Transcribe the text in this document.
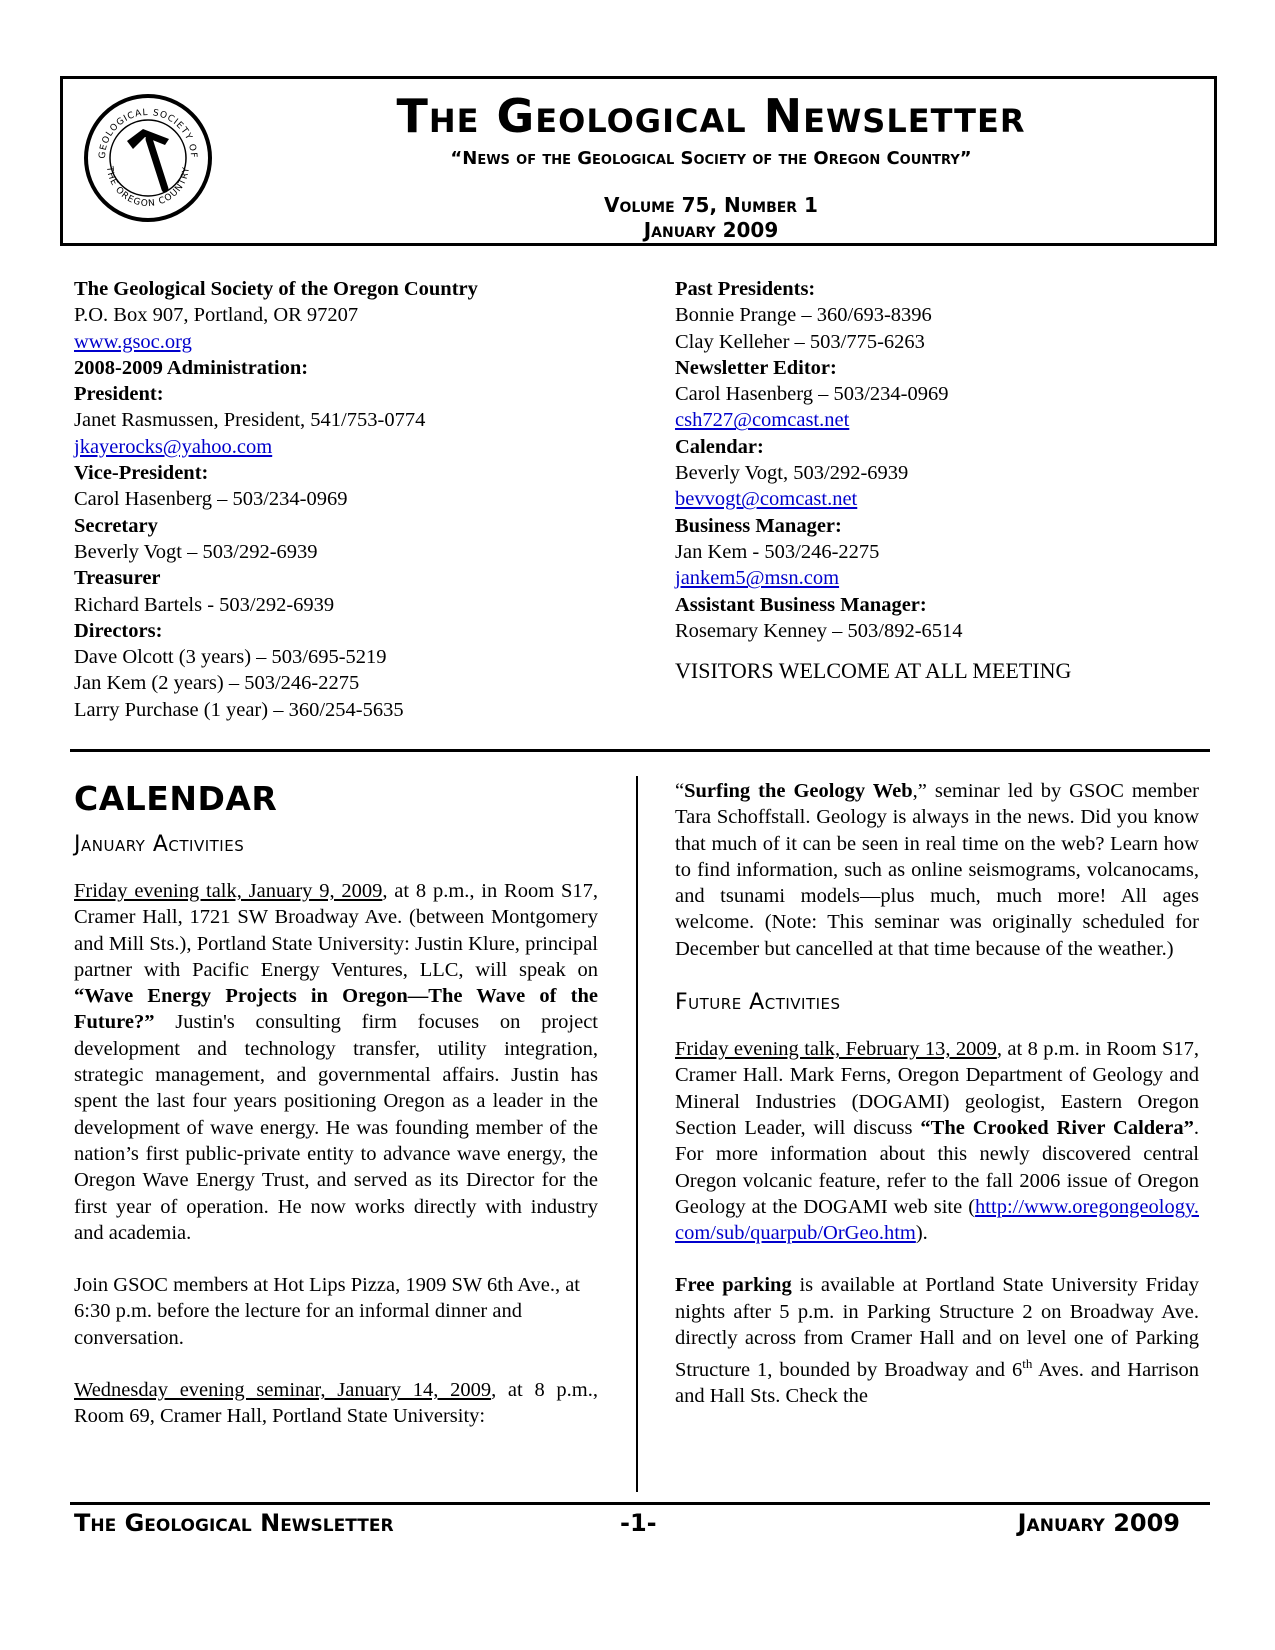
GEOLOGICAL SOCIETY OF
THE OREGON COUNTRY
The Geological Newsletter
“News of the Geological Society of the Oregon Country”
Volume 75, Number 1
January 2009
The Geological Society of the Oregon Country
P.O. Box 907, Portland, OR 97207
www.gsoc.org
2008-2009 Administration:
President:
Janet Rasmussen, President, 541/753-0774
jkayerocks@yahoo.com
Vice-President:
Carol Hasenberg – 503/234-0969
Secretary
Beverly Vogt – 503/292-6939
Treasurer
Richard Bartels - 503/292-6939
Directors:
Dave Olcott (3 years) – 503/695-5219
Jan Kem (2 years) – 503/246-2275
Larry Purchase (1 year) – 360/254-5635
Past Presidents:
Bonnie Prange – 360/693-8396
Clay Kelleher – 503/775-6263
Newsletter Editor:
Carol Hasenberg – 503/234-0969
csh727@comcast.net
Calendar:
Beverly Vogt, 503/292-6939
bevvogt@comcast.net
Business Manager:
Jan Kem - 503/246-2275
jankem5@msn.com
Assistant Business Manager:
Rosemary Kenney – 503/892-6514
VISITORS WELCOME AT ALL MEETING
CALENDAR
January Activities

Friday evening talk, January 9, 2009, at 8 p.m., in Room S17, Cramer Hall, 1721 SW Broadway Ave. (between Montgomery and Mill Sts.), Portland State University: Justin Klure, principal partner with Pacific Energy Ventures, LLC, will speak on “Wave Energy Projects in Oregon—The Wave of the Future?” Justin's consulting firm focuses on project development and technology transfer, utility integration, strategic management, and governmental affairs. Justin has spent the last four years positioning Oregon as a leader in the development of wave energy. He was founding member of the nation’s first public-private entity to advance wave energy, the Oregon Wave Energy Trust, and served as its Director for the first year of operation. He now works directly with industry and academia.

Join GSOC members at Hot Lips Pizza, 1909 SW 6th Ave., at 6:30 p.m. before the lecture for an informal dinner and conversation.

Wednesday evening seminar, January 14, 2009, at 8 p.m., Room 69, Cramer Hall, Portland State University:

“Surfing the Geology Web,” seminar led by GSOC member Tara Schoffstall. Geology is always in the news. Did you know that much of it can be seen in real time on the web? Learn how to find information, such as online seismograms, volcanocams, and tsunami models—plus much, much more! All ages welcome. (Note: This seminar was originally scheduled for December but cancelled at that time because of the weather.)

Future Activities

Friday evening talk, February 13, 2009, at 8 p.m. in Room S17, Cramer Hall. Mark Ferns, Oregon Department of Geology and Mineral Industries (DOGAMI) geologist, Eastern Oregon Section Leader, will discuss “The Crooked River Caldera”. For more information about this newly discovered central Oregon volcanic feature, refer to the fall 2006 issue of Oregon Geology at the DOGAMI web site (http://www.oregongeology.com/sub/quarpub/OrGeo.htm).

Free parking is available at Portland State University Friday nights after 5 p.m. in Parking Structure 2 on Broadway Ave. directly across from Cramer Hall and on level one of Parking Structure 1, bounded by Broadway and 6th Aves. and Harrison and Hall Sts. Check the

The Geological Newsletter	-1-	January 2009
